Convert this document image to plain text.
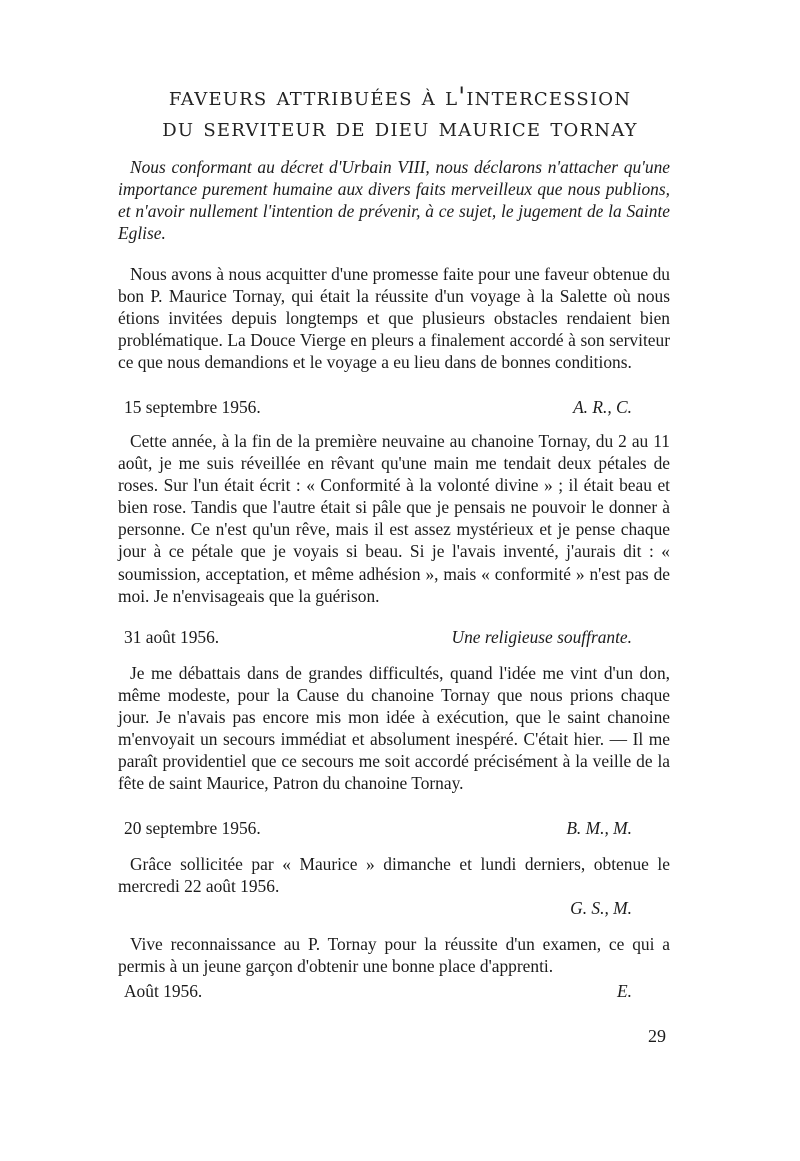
faveurs attribuées à l'intercession
du serviteur de dieu maurice tornay

Nous conformant au décret d'Urbain VIII, nous déclarons n'attacher qu'une importance purement humaine aux divers faits merveilleux que nous publions, et n'avoir nullement l'intention de prévenir, à ce sujet, le jugement de la Sainte Eglise.

Nous avons à nous acquitter d'une promesse faite pour une faveur obtenue du bon P. Maurice Tornay, qui était la réussite d'un voyage à la Salette où nous étions invitées depuis longtemps et que plusieurs obstacles rendaient bien problématique. La Douce Vierge en pleurs a finalement accordé à son serviteur ce que nous demandions et le voyage a eu lieu dans de bonnes conditions.

15 septembre 1956.	A. R., C.

Cette année, à la fin de la première neuvaine au chanoine Tornay, du 2 au 11 août, je me suis réveillée en rêvant qu'une main me tendait deux pétales de roses. Sur l'un était écrit : « Conformité à la volonté divine » ; il était beau et bien rose. Tandis que l'autre était si pâle que je pensais ne pouvoir le donner à personne. Ce n'est qu'un rêve, mais il est assez mystérieux et je pense chaque jour à ce pétale que je voyais si beau. Si je l'avais inventé, j'aurais dit : « soumission, acceptation, et même adhésion », mais « conformité » n'est pas de moi. Je n'envisageais que la guérison.

31 août 1956.	Une religieuse souffrante.

Je me débattais dans de grandes difficultés, quand l'idée me vint d'un don, même modeste, pour la Cause du chanoine Tornay que nous prions chaque jour. Je n'avais pas encore mis mon idée à exécution, que le saint chanoine m'envoyait un secours immédiat et absolument inespéré. C'était hier. — Il me paraît providentiel que ce secours me soit accordé précisément à la veille de la fête de saint Maurice, Patron du chanoine Tornay.

20 septembre 1956.	B. M., M.

Grâce sollicitée par « Maurice » dimanche et lundi derniers, obtenue le mercredi 22 août 1956.

G. S., M.

Vive reconnaissance au P. Tornay pour la réussite d'un examen, ce qui a permis à un jeune garçon d'obtenir une bonne place d'apprenti.

Août 1956.	E.
29
